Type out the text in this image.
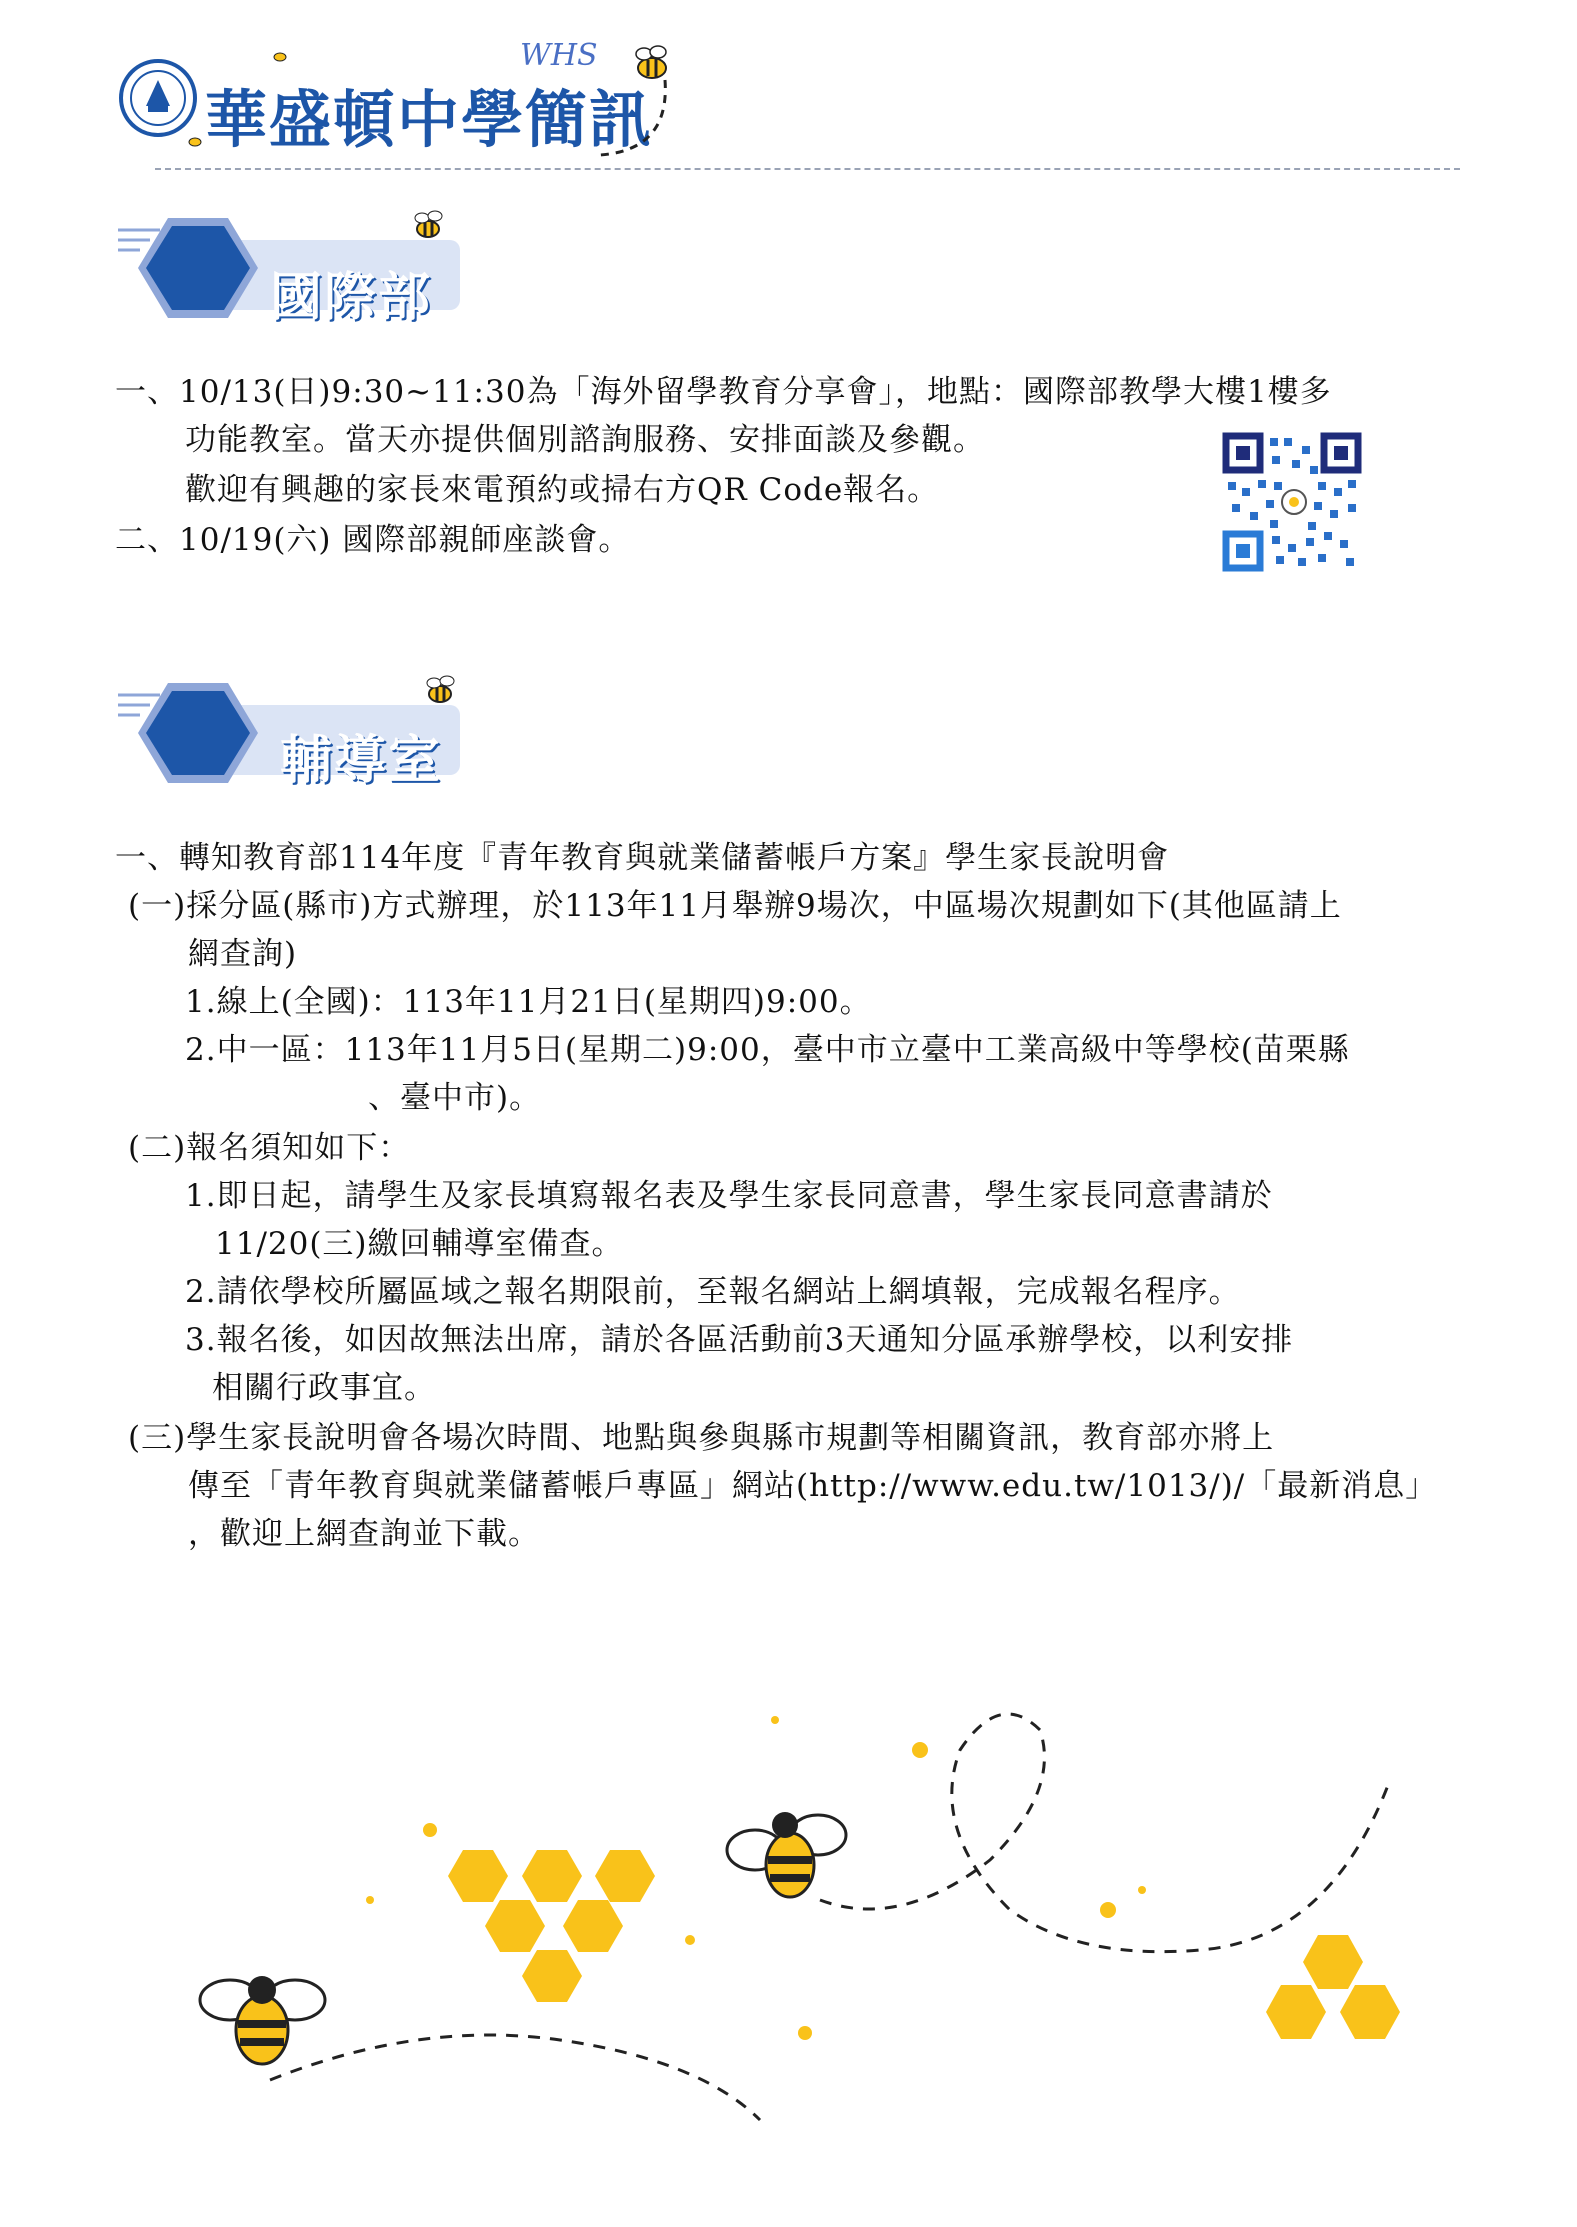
華盛頓中學簡訊
WHS
國際部
一、10/13(日)9:30~11:30為「海外留學教育分享會」，地點：國際部教學大樓1樓多
功能教室。當天亦提供個別諮詢服務、安排面談及參觀。
歡迎有興趣的家長來電預約或掃右方QR Code報名。
二、10/19(六) 國際部親師座談會。
輔導室
一、轉知教育部114年度『青年教育與就業儲蓄帳戶方案』學生家長說明會
(一)採分區(縣市)方式辦理，於113年11月舉辦9場次，中區場次規劃如下(其他區請上
網查詢)
1.線上(全國)：113年11月21日(星期四)9:00。
2.中一區：113年11月5日(星期二)9:00，臺中市立臺中工業高級中等學校(苗栗縣
、臺中市)。
(二)報名須知如下：
1.即日起，請學生及家長填寫報名表及學生家長同意書，學生家長同意書請於
11/20(三)繳回輔導室備查。
2.請依學校所屬區域之報名期限前，至報名網站上網填報，完成報名程序。
3.報名後，如因故無法出席，請於各區活動前3天通知分區承辦學校，以利安排
相關行政事宜。
(三)學生家長說明會各場次時間、地點與參與縣市規劃等相關資訊，教育部亦將上
傳至「青年教育與就業儲蓄帳戶專區」網站(http://www.edu.tw/1013/)/「最新消息」
，歡迎上網查詢並下載。
